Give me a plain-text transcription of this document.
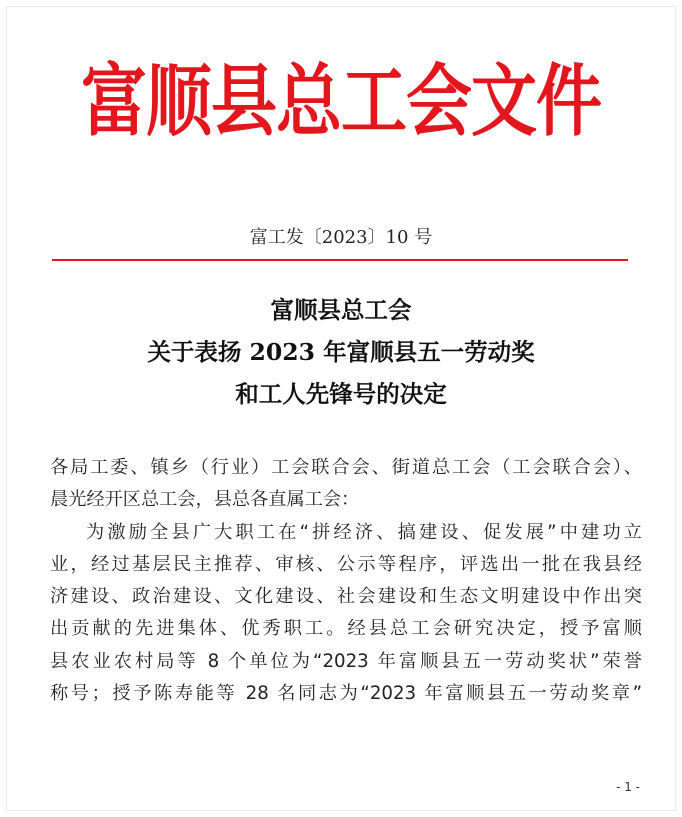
富顺县总工会文件
富工发〔2023〕10 号
富顺县总工会
关于表扬 2023 年富顺县五一劳动奖
和工人先锋号的决定
各局工委、镇乡（行业）工会联合会、街道总工会（工会联合会）、
晨光经开区总工会，县总各直属工会：
为激励全县广大职工在“拼经济、搞建设、促发展”中建功立
业，经过基层民主推荐、审核、公示等程序，评选出一批在我县经
济建设、政治建设、文化建设、社会建设和生态文明建设中作出突
出贡献的先进集体、优秀职工。经县总工会研究决定，授予富顺
县农业农村局等 8 个单位为“2023 年富顺县五一劳动奖状”荣誉
称号；授予陈寿能等 28 名同志为“2023 年富顺县五一劳动奖章”
- 1 -
